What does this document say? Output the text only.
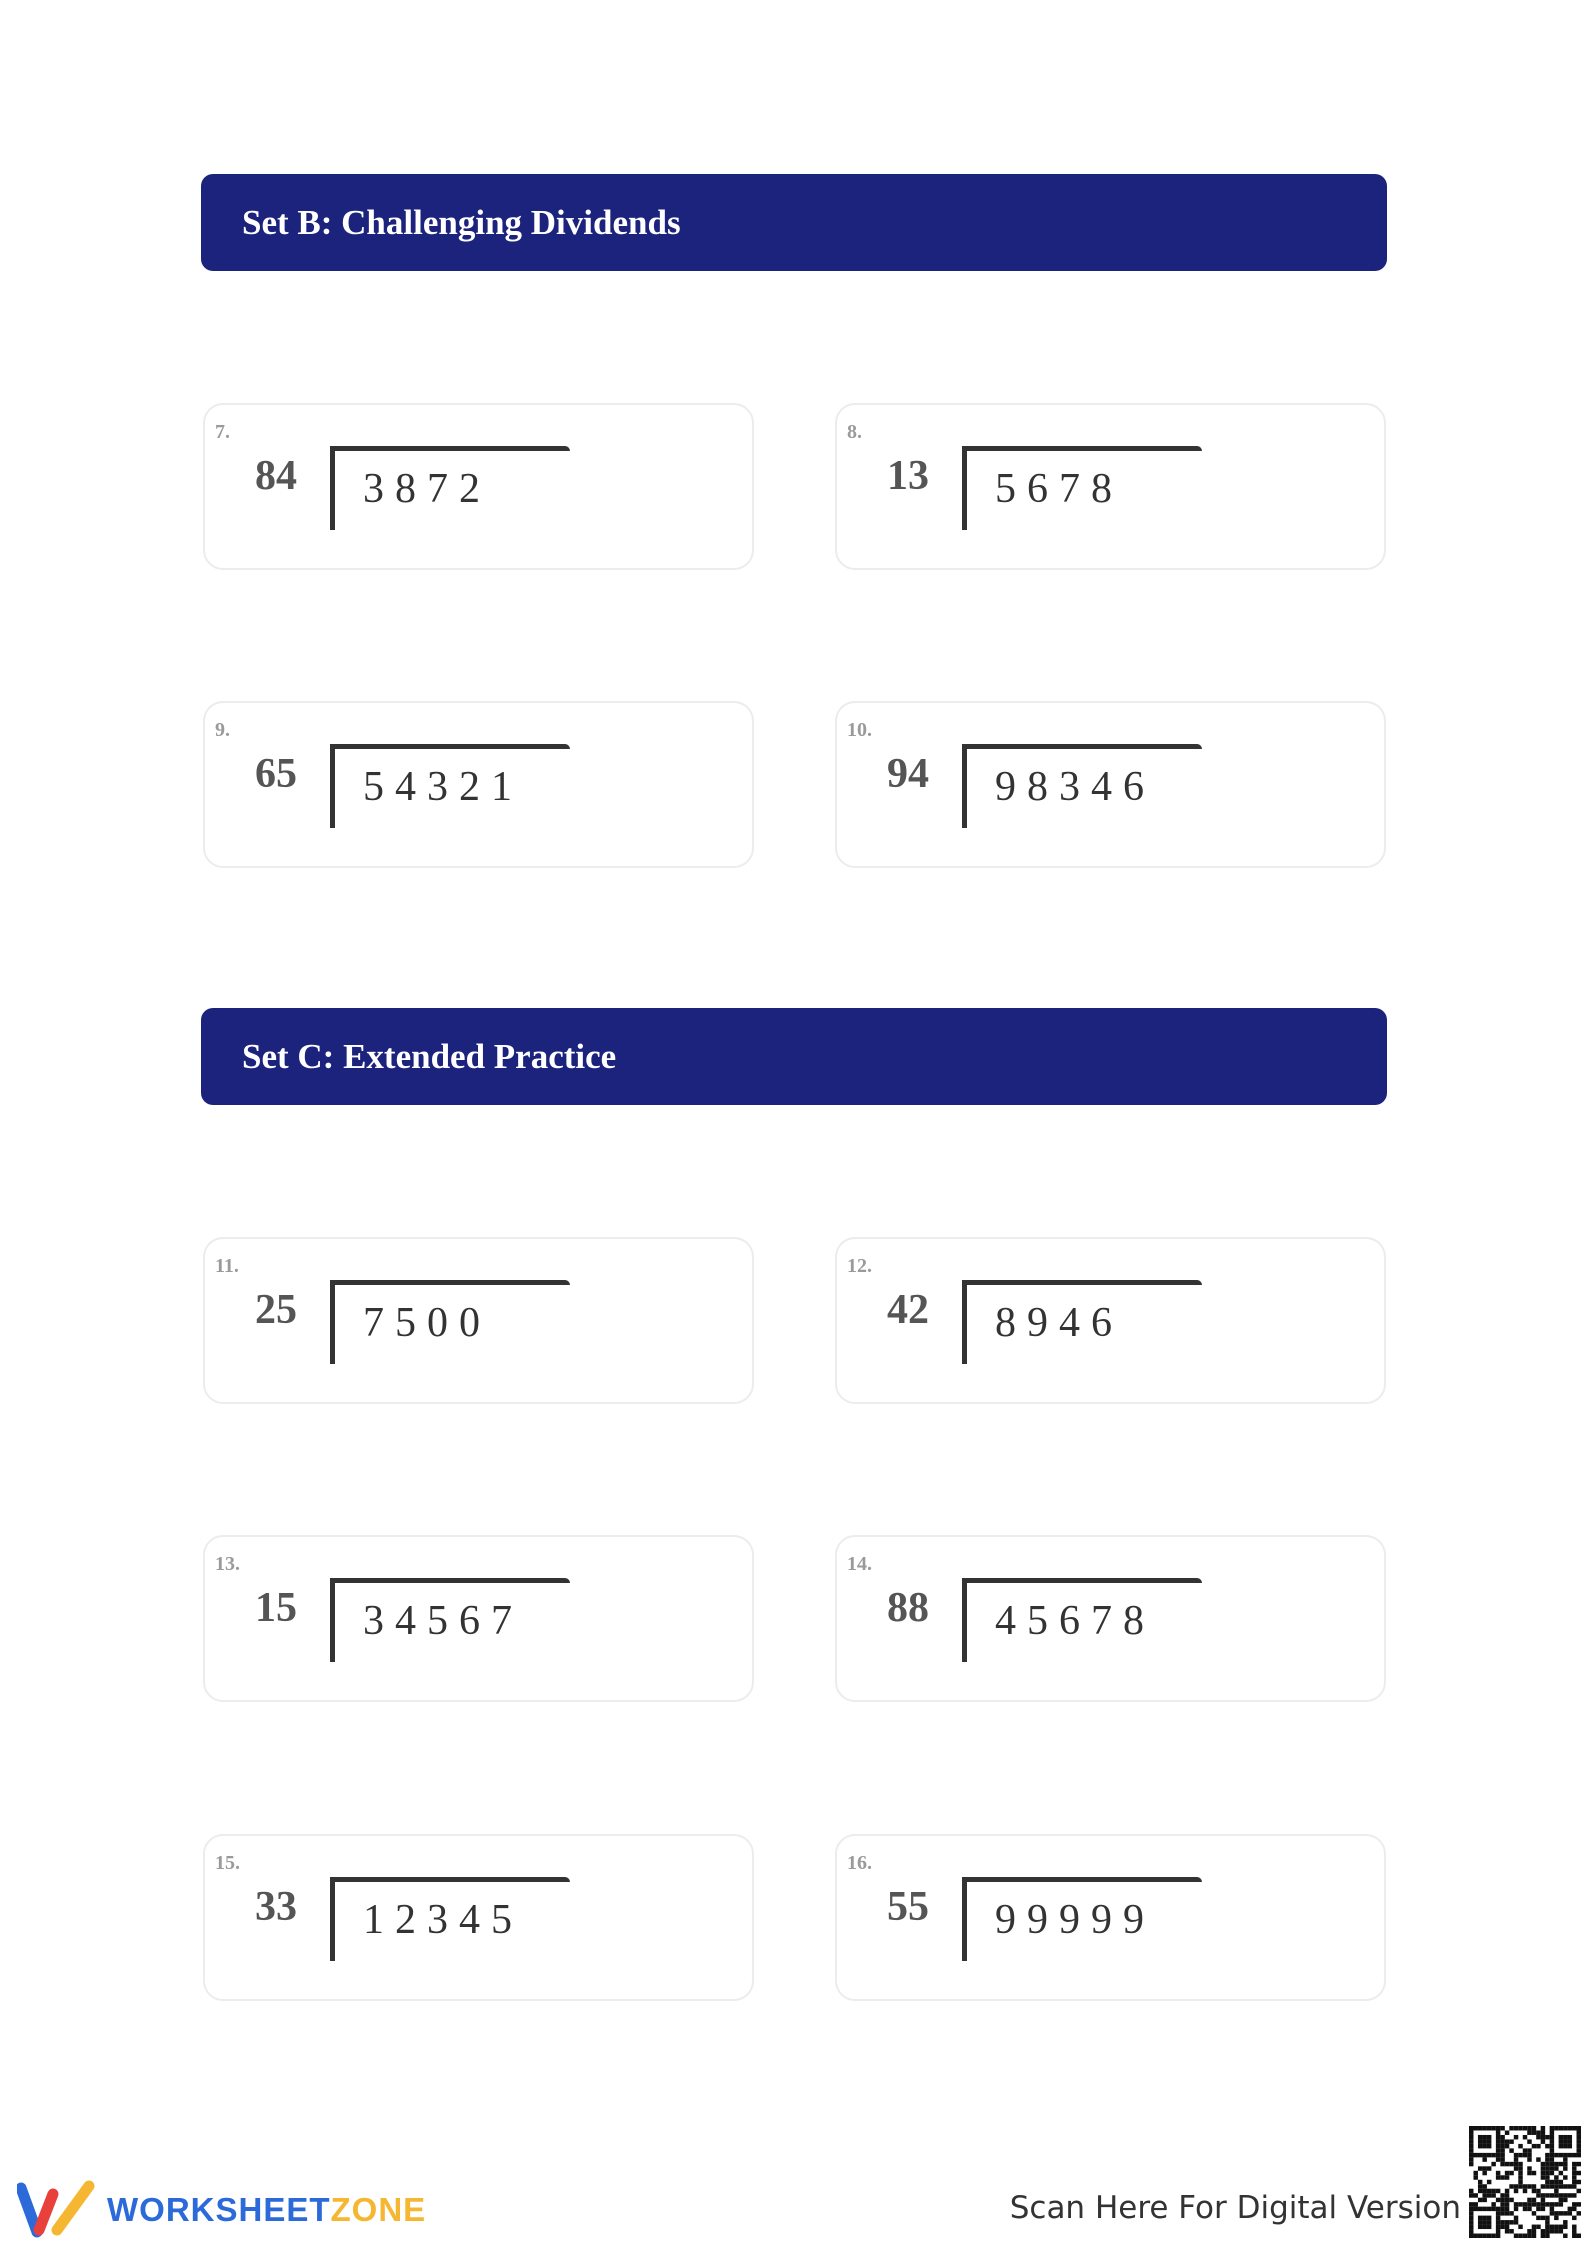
Set B: Challenging Dividends
7.
84 3872
8.
13 5678
9.
65 54321
10.
94 98346
Set C: Extended Practice
11.
25 7500
12.
42 8946
13.
15 34567
14.
88 45678
15.
33 12345
16.
55 99999
WORKSHEETZONE	Scan Here For Digital Version
